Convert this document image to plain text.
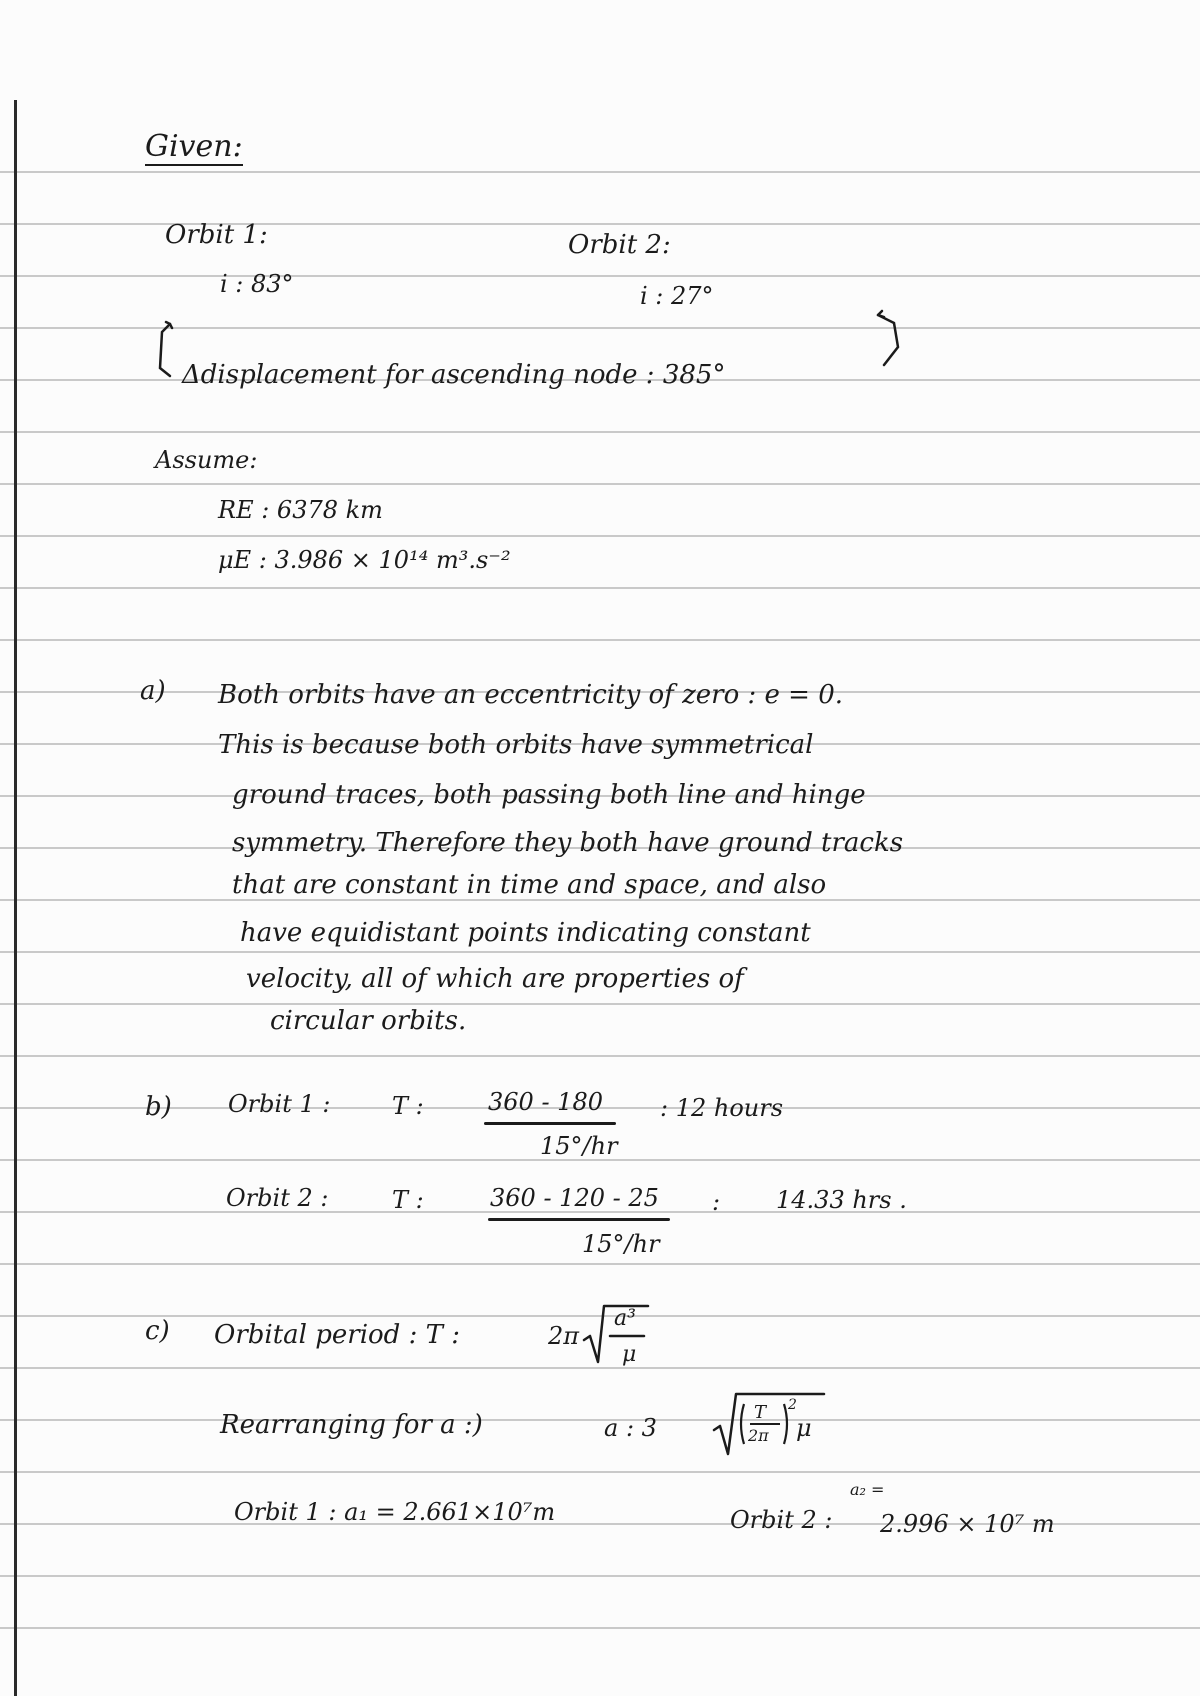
Given:
Orbit 1:	Orbit 2:
i : 83°	i : 27°
Δdisplacement for ascending node : 385°
Assume:
RE : 6378 km
μE : 3.986 × 10¹⁴ m³.s⁻²
a) Both orbits have an eccentricity of zero : e = 0.
This is because both orbits have symmetrical
ground traces, both passing both line and hinge
symmetry. Therefore they both have ground tracks
that are constant in time and space, and also
have equidistant points indicating constant
velocity, all of which are properties of
circular orbits.
b) Orbit 1 :	T :	360 - 180
15°/hr
: 12 hours
Orbit 2 :	T :	360 - 120 - 25
15°/hr
: 14.33 hrs .
c) Orbital period : T :	2π
a³
μ
Rearranging for a :)	a : 3
T
2π
2
μ
Orbit 1 : a₁ = 2.661×10⁷m
a₂ =
Orbit 2 : 2.996 × 10⁷ m
